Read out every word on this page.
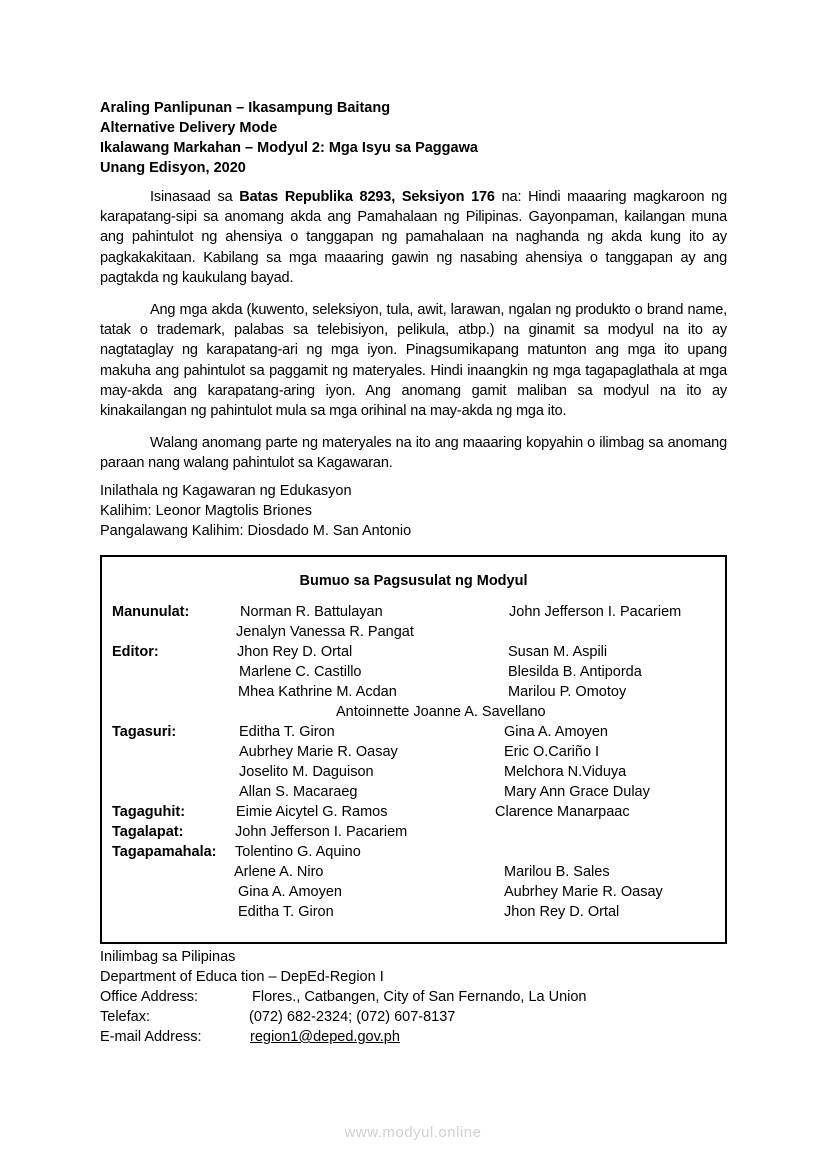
Araling Panlipunan – Ikasampung Baitang

Alternative Delivery Mode

Ikalawang Markahan – Modyul 2: Mga Isyu sa Paggawa

Unang Edisyon, 2020

Isinasaad sa Batas Republika 8293, Seksiyon 176 na: Hindi maaaring magkaroon ng karapatang-sipi sa anomang akda ang Pamahalaan ng Pilipinas. Gayonpaman, kailangan muna ang pahintulot ng ahensiya o tanggapan ng pamahalaan na naghanda ng akda kung ito ay pagkakakitaan. Kabilang sa mga maaaring gawin ng nasabing ahensiya o tanggapan ay ang pagtakda ng kaukulang bayad.

Ang mga akda (kuwento, seleksiyon, tula, awit, larawan, ngalan ng produkto o brand name, tatak o trademark, palabas sa telebisiyon, pelikula, atbp.) na ginamit sa modyul na ito ay nagtataglay ng karapatang-ari ng mga iyon. Pinagsumikapang matunton ang mga ito upang makuha ang pahintulot sa paggamit ng materyales. Hindi inaangkin ng mga tagapaglathala at mga may-akda ang karapatang-aring iyon. Ang anomang gamit maliban sa modyul na ito ay kinakailangan ng pahintulot mula sa mga orihinal na may-akda ng mga ito.

Walang anomang parte ng materyales na ito ang maaaring kopyahin o ilimbag sa anomang paraan nang walang pahintulot sa Kagawaran.

Inilathala ng Kagawaran ng Edukasyon

Kalihim: Leonor Magtolis Briones

Pangalawang Kalihim: Diosdado M. San Antonio

Bumuo sa Pagsusulat ng Modyul
Manunulat:	Norman R. Battulayan	John Jefferson I. Pacariem
Jenalyn Vanessa R. Pangat
Editor:	Jhon Rey D. Ortal	Susan M. Aspili
Marlene C. Castillo	Blesilda B. Antiporda
Mhea Kathrine M. Acdan	Marilou P. Omotoy
Antoinnette Joanne A. Savellano
Tagasuri:	Editha T. Giron	Gina A. Amoyen
Aubrhey Marie R. Oasay	Eric O.Cariño I
Joselito M. Daguison	Melchora N.Viduya
Allan S. Macaraeg	Mary Ann Grace Dulay
Tagaguhit:	Eimie Aicytel G. Ramos	Clarence Manarpaac
Tagalapat:	John Jefferson I. Pacariem
Tagapamahala: Tolentino G. Aquino
Arlene A. Niro	Marilou B. Sales
Gina A. Amoyen	Aubrhey Marie R. Oasay
Editha T. Giron	Jhon Rey D. Ortal
Inilimbag sa Pilipinas
Department of Educa tion – DepEd-Region I
Office Address:	Flores., Catbangen, City of San Fernando, La Union
Telefax:	(072) 682-2324; (072) 607-8137
E-mail Address:	region1@deped.gov.ph
www.modyul.online
